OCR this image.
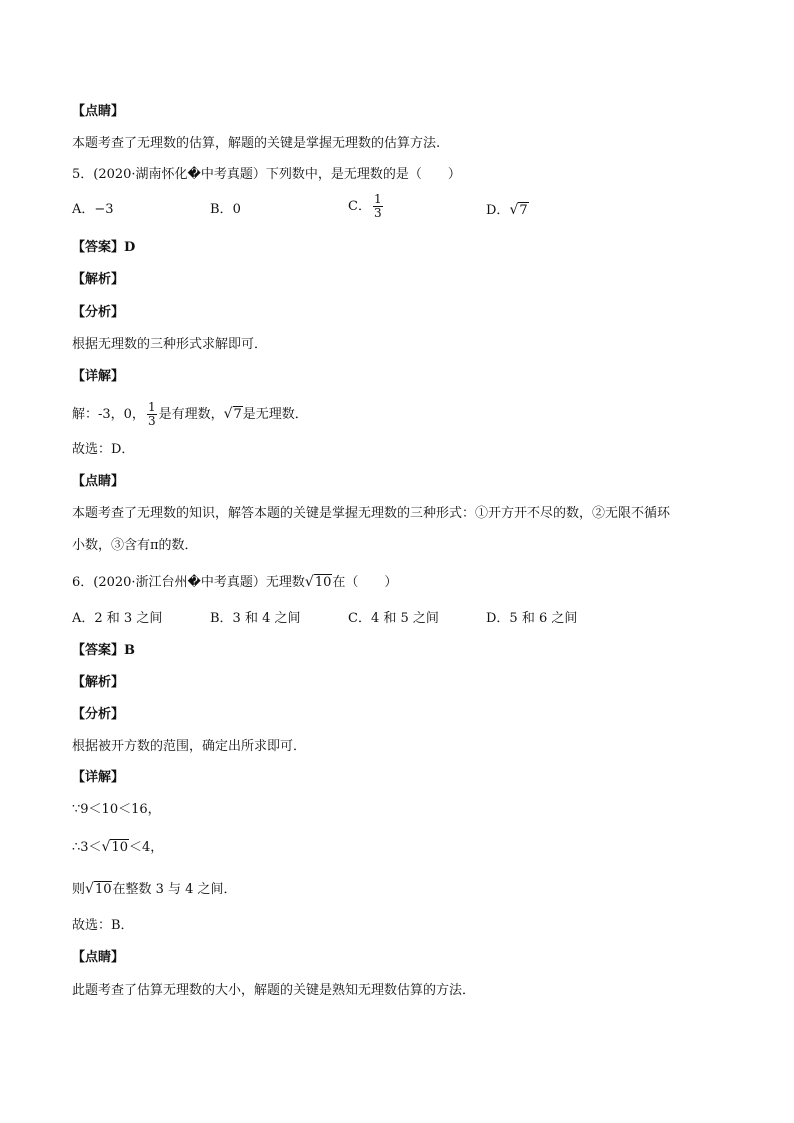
【点睛】
本题考查了无理数的估算，解题的关键是掌握无理数的估算方法.
5．(2020·湖南怀化�中考真题）下列数中，是无理数的是（　　）
A．−3	B．0	C． $\frac{1}{3}$	D．√7
【答案】D
【解析】
【分析】
根据无理数的三种形式求解即可．
【详解】
解：-3，0， $\frac{1}{3}$ 是有理数，√7是无理数．
故选：D．
【点睛】
本题考查了无理数的知识，解答本题的关键是掌握无理数的三种形式：①开方开不尽的数，②无限不循环
小数，③含有π的数．
6．(2020·浙江台州�中考真题）无理数√10在（　　）
A．2 和 3 之间	B．3 和 4 之间	C．4 和 5 之间	D．5 和 6 之间
【答案】B
【解析】
【分析】
根据被开方数的范围，确定出所求即可．
【详解】
∵9＜10＜16，
∴3＜√10＜4，
则√10在整数 3 与 4 之间．
故选：B．
【点睛】
此题考查了估算无理数的大小，解题的关键是熟知无理数估算的方法．
